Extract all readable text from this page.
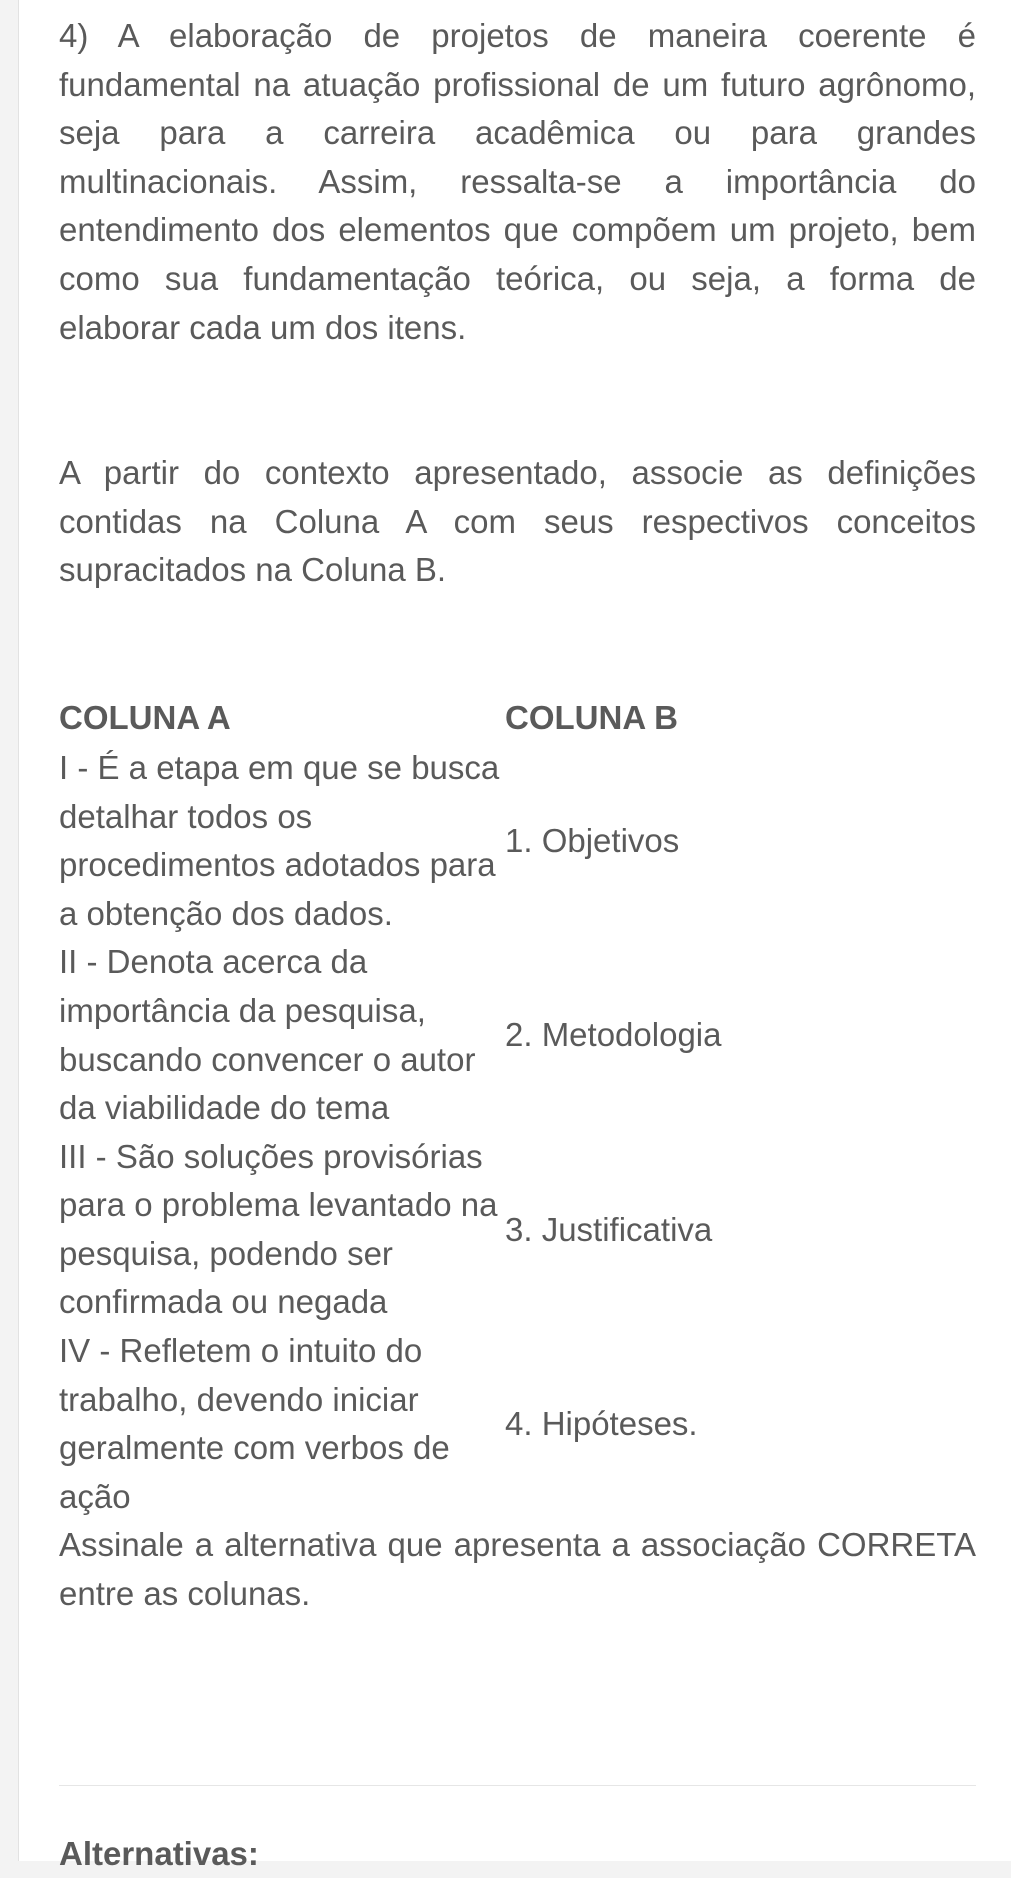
4) A elaboração de projetos de maneira coerente é fundamental na atuação profissional de um futuro agrônomo, seja para a carreira acadêmica ou para grandes multinacionais. Assim, ressalta-se a importância do entendimento dos elementos que compõem um projeto, bem como sua fundamentação teórica, ou seja, a forma de elaborar cada um dos itens.

A partir do contexto apresentado, associe as definições contidas na Coluna A com seus respectivos conceitos supracitados na Coluna B.

COLUNA A	COLUNA B
I - É a etapa em que se busca detalhar todos os procedimentos adotados para a obtenção dos dados.	1. Objetivos
II - Denota acerca da importância da pesquisa, buscando convencer o autor da viabilidade do tema	2. Metodologia
III - São soluções provisórias para o problema levantado na pesquisa, podendo ser confirmada ou negada	3. Justificativa
IV - Refletem o intuito do trabalho, devendo iniciar geralmente com verbos de ação	4. Hipóteses.

Assinale a alternativa que apresenta a associação CORRETA entre as colunas.

Alternativas:
